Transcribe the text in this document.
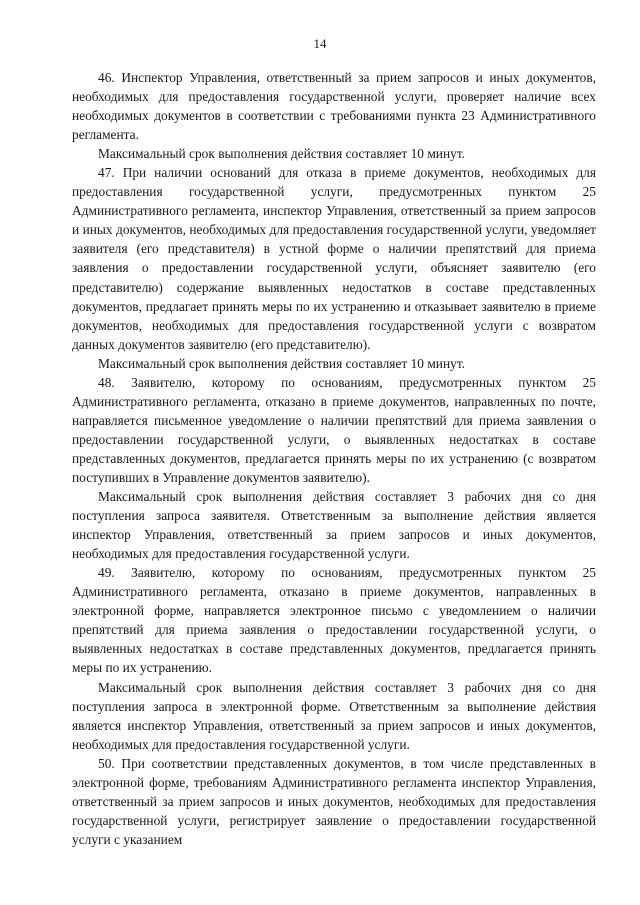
14

46. Инспектор Управления, ответственный за прием запросов и иных документов, необходимых для предоставления государственной услуги, проверяет наличие всех необходимых документов в соответствии с требованиями пункта 23 Административного регламента.

Максимальный срок выполнения действия составляет 10 минут.

47. При наличии оснований для отказа в приеме документов, необходимых для предоставления государственной услуги, предусмотренных пунктом 25 Административного регламента, инспектор Управления, ответственный за прием запросов и иных документов, необходимых для предоставления государственной услуги, уведомляет заявителя (его представителя) в устной форме о наличии препятствий для приема заявления о предоставлении государственной услуги, объясняет заявителю (его представителю) содержание выявленных недостатков в составе представленных документов, предлагает принять меры по их устранению и отказывает заявителю в приеме документов, необходимых для предоставления государственной услуги с возвратом данных документов заявителю (его представителю).

Максимальный срок выполнения действия составляет 10 минут.

48. Заявителю, которому по основаниям, предусмотренных пунктом 25 Административного регламента, отказано в приеме документов, направленных по почте, направляется письменное уведомление о наличии препятствий для приема заявления о предоставлении государственной услуги, о выявленных недостатках в составе представленных документов, предлагается принять меры по их устранению (с возвратом поступивших в Управление документов заявителю).

Максимальный срок выполнения действия составляет 3 рабочих дня со дня поступления запроса заявителя. Ответственным за выполнение действия является инспектор Управления, ответственный за прием запросов и иных документов, необходимых для предоставления государственной услуги.

49. Заявителю, которому по основаниям, предусмотренных пунктом 25 Административного регламента, отказано в приеме документов, направленных в электронной форме, направляется электронное письмо с уведомлением о наличии препятствий для приема заявления о предоставлении государственной услуги, о выявленных недостатках в составе представленных документов, предлагается принять меры по их устранению.

Максимальный срок выполнения действия составляет 3 рабочих дня со дня поступления запроса в электронной форме. Ответственным за выполнение действия является инспектор Управления, ответственный за прием запросов и иных документов, необходимых для предоставления государственной услуги.

50. При соответствии представленных документов, в том числе представленных в электронной форме, требованиям Административного регламента инспектор Управления, ответственный за прием запросов и иных документов, необходимых для предоставления государственной услуги, регистрирует заявление о предоставлении государственной услуги с указанием
